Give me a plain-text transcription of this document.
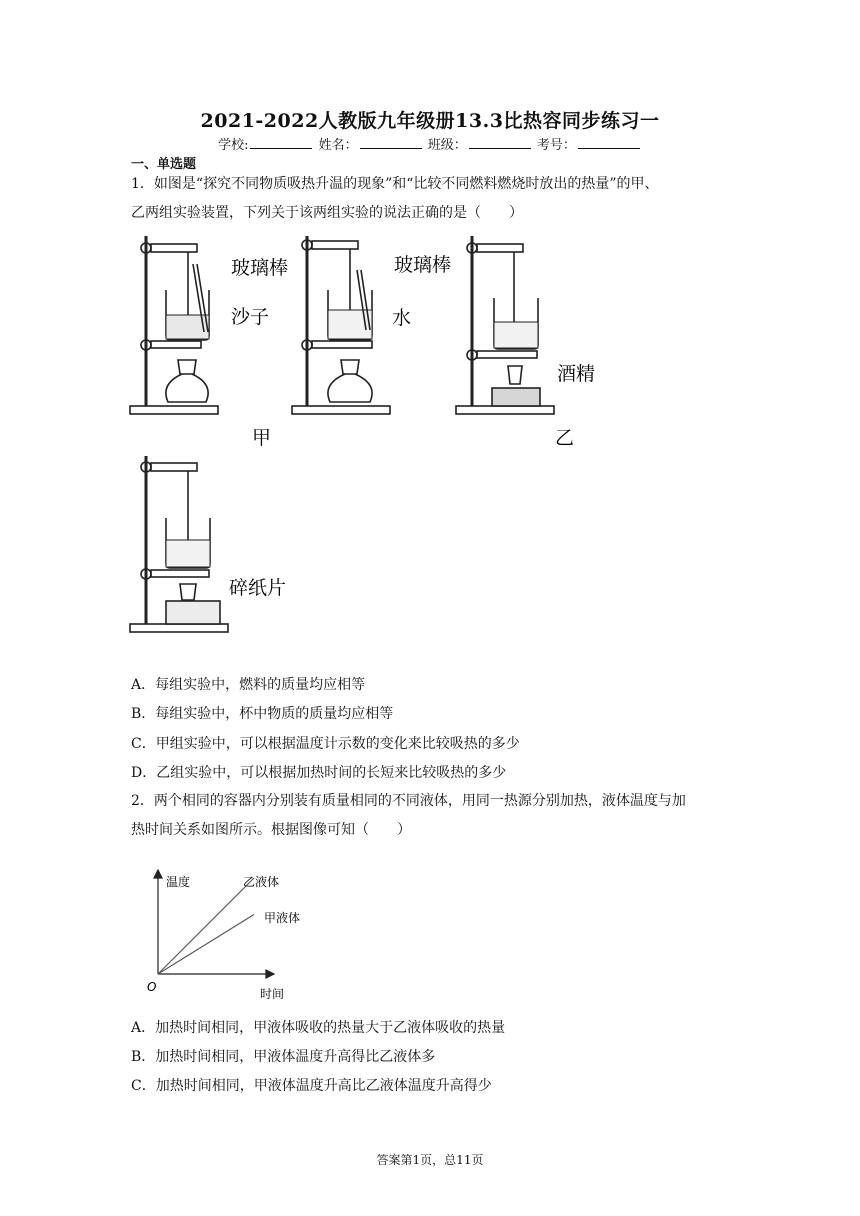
2021-2022人教版九年级册13.3比热容同步练习一
学校:	姓名：	班级：	考号：
一、单选题
1．如图是“探究不同物质吸热升温的现象”和“比较不同燃料燃烧时放出的热量”的甲、
乙两组实验装置，下列关于该两组实验的说法正确的是（　　）
玻璃棒
沙子
玻璃棒
水
酒精
碎纸片
甲	乙
A．每组实验中，燃料的质量均应相等
B．每组实验中，杯中物质的质量均应相等
C．甲组实验中，可以根据温度计示数的变化来比较吸热的多少
D．乙组实验中，可以根据加热时间的长短来比较吸热的多少
2．两个相同的容器内分别装有质量相同的不同液体，用同一热源分别加热，液体温度与加
热时间关系如图所示。根据图像可知（　　）
温度
时间
O
乙液体
甲液体
A．加热时间相同，甲液体吸收的热量大于乙液体吸收的热量
B．加热时间相同，甲液体温度升高得比乙液体多
C．加热时间相同，甲液体温度升高比乙液体温度升高得少
答案第1页，总11页
